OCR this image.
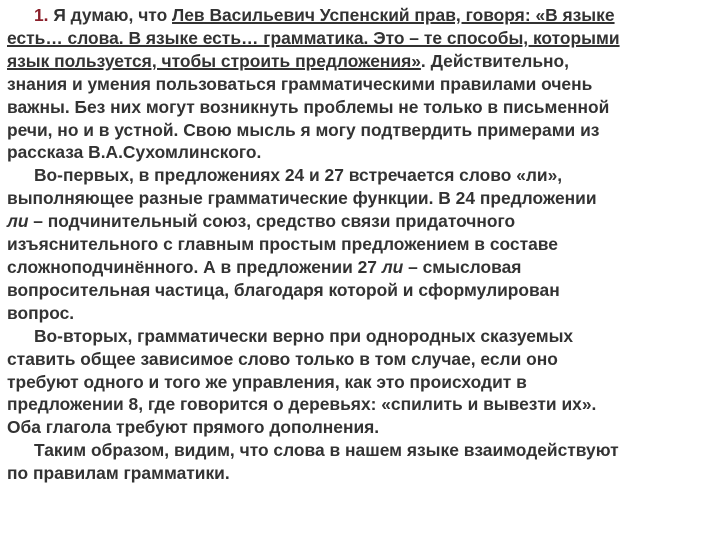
1. Я думаю, что Лев Васильевич Успенский прав, говоря: «В языке
есть… слова. В языке есть… грамматика. Это – те способы, которыми
язык пользуется, чтобы строить предложения». Действительно,
знания и умения пользоваться грамматическими правилами очень
важны. Без них могут возникнуть проблемы не только в письменной
речи, но и в устной. Свою мысль я могу подтвердить примерами из
рассказа В.А.Сухомлинского.
Во-первых, в предложениях 24 и 27 встречается слово «ли»,
выполняющее разные грамматические функции. В 24 предложении
ли – подчинительный союз, средство связи придаточного
изъяснительного с главным простым предложением в составе
сложноподчинённого. А в предложении 27 ли – смысловая
вопросительная частица, благодаря которой и сформулирован
вопрос.
Во-вторых, грамматически верно при однородных сказуемых
ставить общее зависимое слово только в том случае, если оно
требуют одного и того же управления, как это происходит в
предложении 8, где говорится о деревьях: «спилить и вывезти их».
Оба глагола требуют прямого дополнения.
Таким образом, видим, что слова в нашем языке взаимодействуют
по правилам грамматики.
